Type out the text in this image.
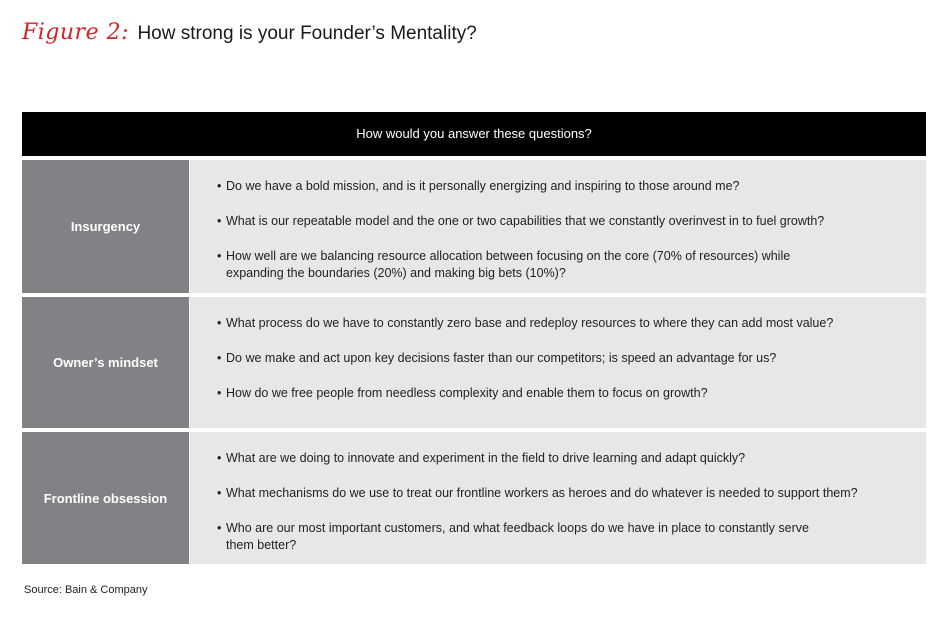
Figure 2: How strong is your Founder’s Mentality?
How would you answer these questions?
Insurgency
• Do we have a bold mission, and is it personally energizing and inspiring to those around me?
• What is our repeatable model and the one or two capabilities that we constantly overinvest in to fuel growth?
• How well are we balancing resource allocation between focusing on the core (70% of resources) while expanding the boundaries (20%) and making big bets (10%)?
Owner’s mindset
• What process do we have to constantly zero base and redeploy resources to where they can add most value?
• Do we make and act upon key decisions faster than our competitors; is speed an advantage for us?
• How do we free people from needless complexity and enable them to focus on growth?
Frontline obsession
• What are we doing to innovate and experiment in the field to drive learning and adapt quickly?
• What mechanisms do we use to treat our frontline workers as heroes and do whatever is needed to support them?
• Who are our most important customers, and what feedback loops do we have in place to constantly serve them better?
Source: Bain & Company
